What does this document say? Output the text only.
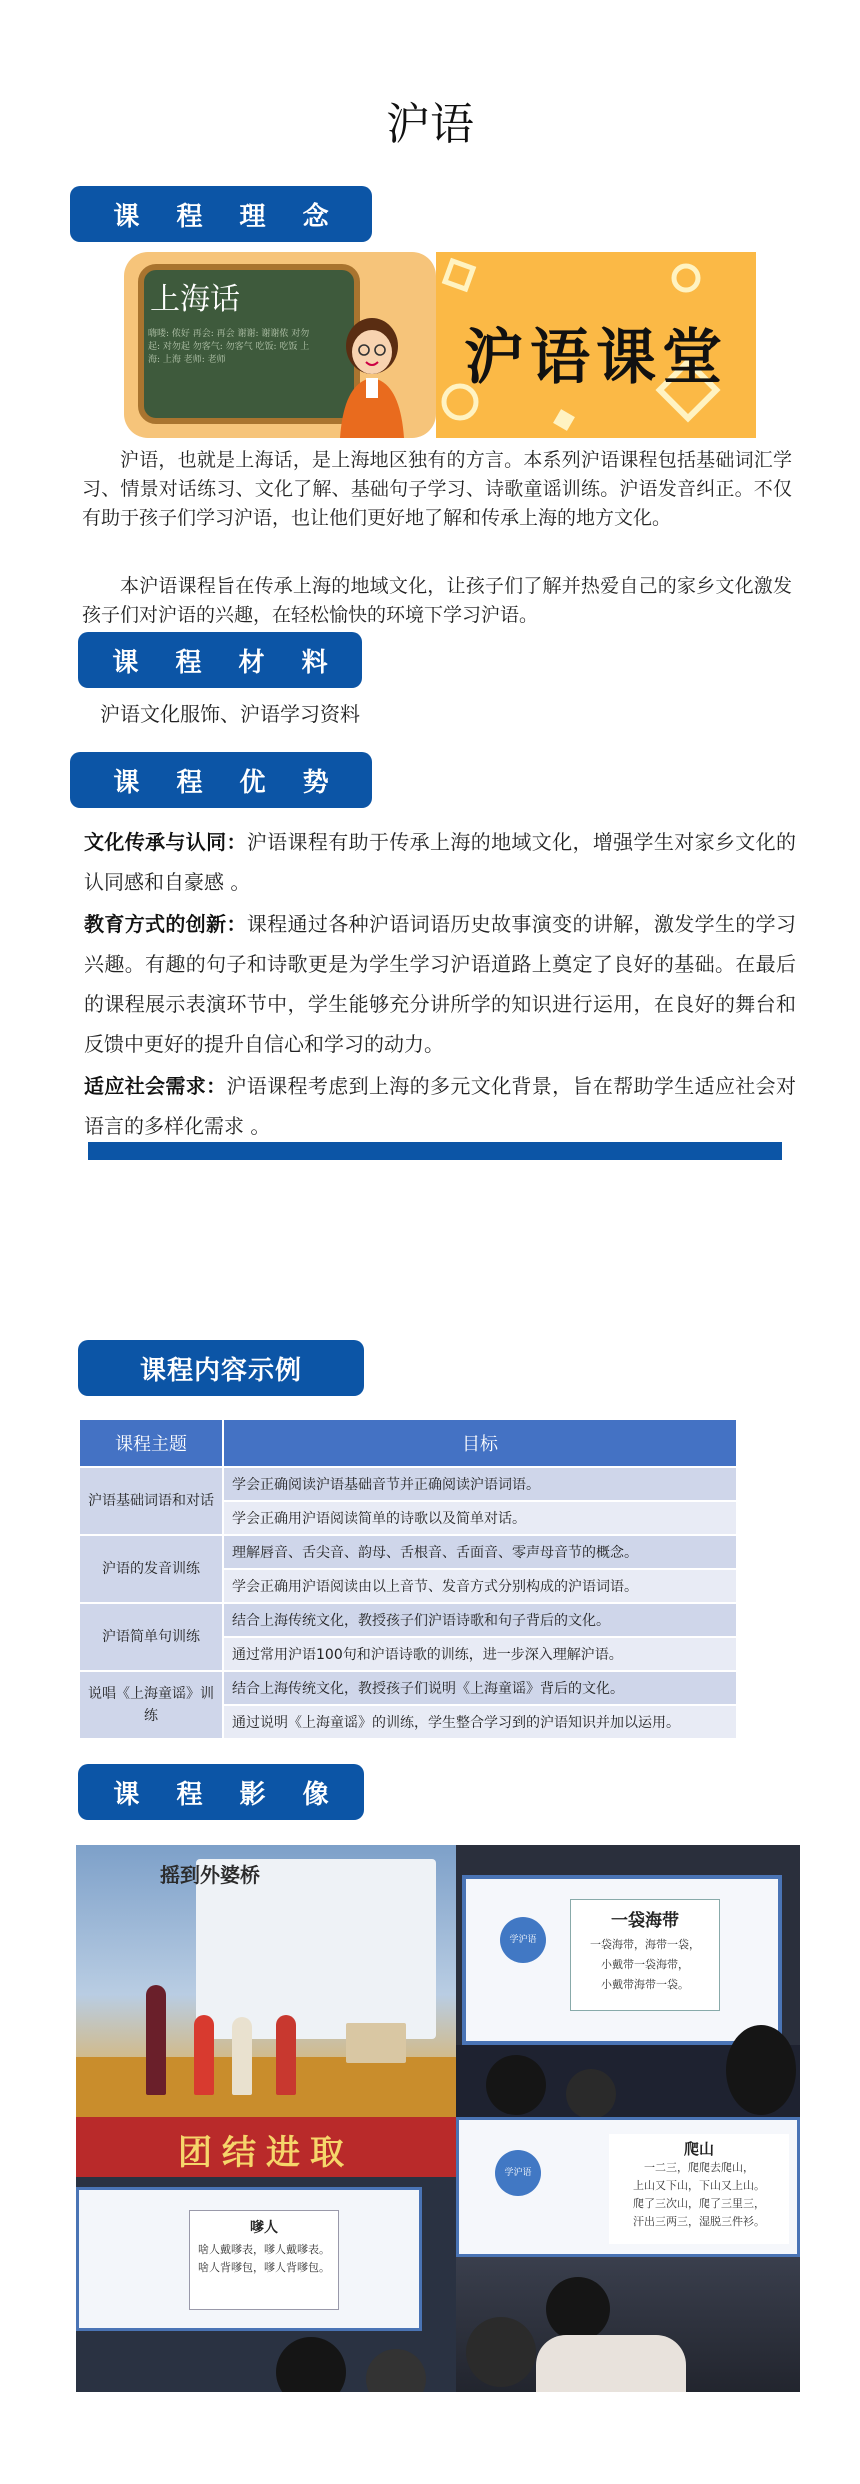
沪语
课 程 理 念
上海话
嗨喽: 侬好 再会: 再会 谢谢: 谢谢侬 对勿起: 对勿起 勿客气: 勿客气 吃饭: 吃饭 上海: 上海 老师: 老师	沪语课堂
沪语，也就是上海话，是上海地区独有的方言。本系列沪语课程包括基础词汇学习、情景对话练习、文化了解、基础句子学习、诗歌童谣训练。沪语发音纠正。不仅有助于孩子们学习沪语，也让他们更好地了解和传承上海的地方文化。
本沪语课程旨在传承上海的地域文化，让孩子们了解并热爱自己的家乡文化激发孩子们对沪语的兴趣，在轻松愉快的环境下学习沪语。
课 程 材 料
沪语文化服饰、沪语学习资料
课 程 优 势
文化传承与认同：沪语课程有助于传承上海的地域文化，增强学生对家乡文化的认同感和自豪感 。
教育方式的创新：课程通过各种沪语词语历史故事演变的讲解，激发学生的学习兴趣。有趣的句子和诗歌更是为学生学习沪语道路上奠定了良好的基础。在最后的课程展示表演环节中，学生能够充分讲所学的知识进行运用，在良好的舞台和反馈中更好的提升自信心和学习的动力。
适应社会需求：沪语课程考虑到上海的多元文化背景，旨在帮助学生适应社会对语言的多样化需求 。
课程内容示例
课程主题	目标
沪语基础词语和对话	学会正确阅读沪语基础音节并正确阅读沪语词语。
	学会正确用沪语阅读简单的诗歌以及简单对话。
沪语的发音训练	理解唇音、舌尖音、韵母、舌根音、舌面音、零声母音节的概念。
	学会正确用沪语阅读由以上音节、发音方式分别构成的沪语词语。
沪语简单句训练	结合上海传统文化，教授孩子们沪语诗歌和句子背后的文化。
	通过常用沪语100句和沪语诗歌的训练，进一步深入理解沪语。
说唱《上海童谣》训练	结合上海传统文化，教授孩子们说明《上海童谣》背后的文化。
	通过说明《上海童谣》的训练，学生整合学习到的沪语知识并加以运用。
课 程 影 像
摇到外婆桥
学沪语
一袋海带
一袋海带，海带一袋，
小戴带一袋海带，
小戴带海带一袋。
团结进取
嗲人
啥人戴嗲表，嗲人戴嗲表。
啥人背嗲包，嗲人背嗲包。
学沪语
爬山
一二三，爬爬去爬山，
上山又下山，下山又上山。
爬了三次山，爬了三里三，
汗出三两三，湿脱三件衫。
